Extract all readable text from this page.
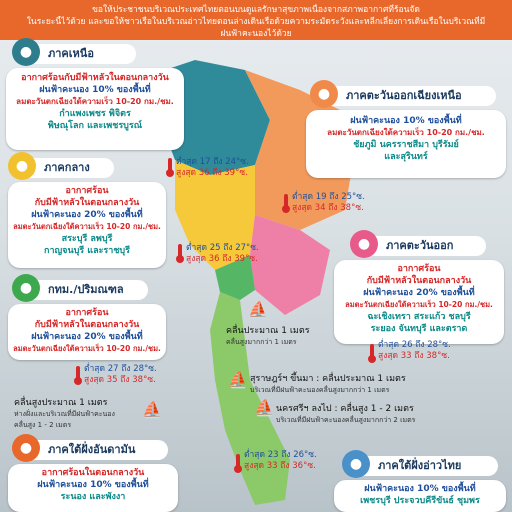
ขอให้ประชาชนบริเวณประเทศไทยตอนบนดูแลรักษาสุขภาพเนื่องจากสภาพอากาศที่ร้อนจัด
ในระยะนี้ไว้ด้วย และขอให้ชาวเรือในบริเวณอ่าวไทยตอนล่างเดินเรือด้วยความระมัดระวังและหลีกเลี่ยงการเดินเรือในบริเวณที่มี
ฝนฟ้าคะนองไว้ด้วย
●	ภาคเหนือ
อากาศร้อนกับมีฟ้าหลัวในตอนกลางวัน
ฝนฟ้าคะนอง 10% ของพื้นที่
ลมตะวันตกเฉียงใต้ความเร็ว 10-20 กม./ชม.
กำแพงเพชร พิจิตร
พิษณุโลก และเพชรบูรณ์
ต่ำสุด 17 ถึง 24°ซ.
สูงสุด 36 ถึง 39°ซ.
●	ภาคตะวันออกเฉียงเหนือ
ฝนฟ้าคะนอง 10% ของพื้นที่
ลมตะวันตกเฉียงใต้ความเร็ว 10-20 กม./ชม.
ชัยภูมิ นครราชสีมา บุรีรัมย์
และสุรินทร์
ต่ำสุด 19 ถึง 25°ซ.
สูงสุด 34 ถึง 38°ซ.
●	ภาคกลาง
อากาศร้อน
กับมีฟ้าหลัวในตอนกลางวัน
ฝนฟ้าคะนอง 20% ของพื้นที่
ลมตะวันตกเฉียงใต้ความเร็ว 10-20 กม./ชม.
สระบุรี ลพบุรี
กาญจนบุรี และราชบุรี	ต่ำสุด 25 ถึง 27°ซ.
สูงสุด 36 ถึง 39°ซ.
●	ภาคตะวันออก
อากาศร้อน
กับมีฟ้าหลัวในตอนกลางวัน
ฝนฟ้าคะนอง 20% ของพื้นที่
ลมตะวันตกเฉียงใต้ความเร็ว 10-20 กม./ชม.
ฉะเชิงเทรา สระแก้ว ชลบุรี
ระยอง จันทบุรี และตราด
ต่ำสุด 26 ถึง 28°ซ.
สูงสุด 33 ถึง 38°ซ.
●	กทม./ปริมณฑล
อากาศร้อน
กับมีฟ้าหลัวในตอนกลางวัน
ฝนฟ้าคะนอง 20% ของพื้นที่
ลมตะวันตกเฉียงใต้ความเร็ว 10-20 กม./ชม.
ต่ำสุด 27 ถึง 28°ซ.
สูงสุด 35 ถึง 38°ซ.
⛵
คลื่นประมาณ 1 เมตร
คลื่นสูงมากกว่า 1 เมตร
⛵ สุราษฎร์ฯ ขึ้นมา : คลื่นประมาณ 1 เมตร
บริเวณที่มีฝนฟ้าคะนองคลื่นสูงมากกว่า 1 เมตร
⛵ นครศรีฯ ลงไป : คลื่นสูง 1 - 2 เมตร
บริเวณที่มีฝนฟ้าคะนองคลื่นสูงมากกว่า 2 เมตร
คลื่นสูงประมาณ 1 เมตร
ห่างฝั่งและบริเวณที่มีฝนฟ้าคะนอง
คลื่นสูง 1 - 2 เมตร
⛵
●	ภาคใต้ฝั่งอันดามัน
อากาศร้อนในตอนกลางวัน
ฝนฟ้าคะนอง 10% ของพื้นที่
ระนอง และพังงา
ต่ำสุด 23 ถึง 26°ซ.
สูงสุด 33 ถึง 36°ซ.	●	ภาคใต้ฝั่งอ่าวไทย
ฝนฟ้าคะนอง 10% ของพื้นที่
เพชรบุรี ประจวบคีรีขันธ์ ชุมพร
